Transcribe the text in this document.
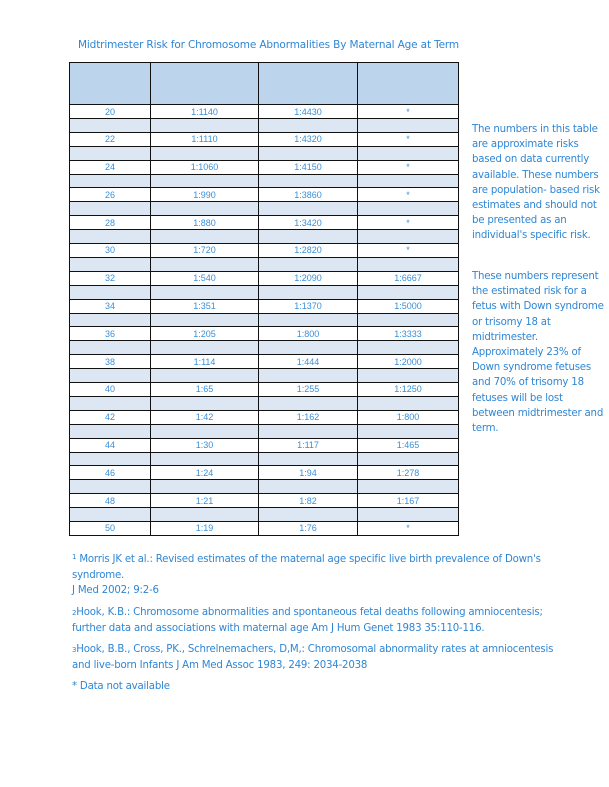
Midtrimester Risk for Chromosome Abnormalities By Maternal Age at Term

20	1:1140	1:4430	*

22	1:1110	1:4320	*

24	1:1060	1:4150	*

26	1:990	1:3860	*

28	1:880	1:3420	*

30	1:720	1:2820	*

32	1:540	1:2090	1:6667

34	1:351	1:1370	1:5000

36	1:205	1:800	1:3333

38	1:114	1:444	1:2000

40	1:65	1:255	1:1250

42	1:42	1:162	1:800

44	1:30	1:117	1:465

46	1:24	1:94	1:278

48	1:21	1:82	1:167

50	1:19	1:76	*
The numbers in this table are approximate risks based on data currently available. These numbers are population- based risk estimates and should not be presented as an individual's specific risk.
These numbers represent the estimated risk for a fetus with Down syndrome or trisomy 18 at midtrimester. Approximately 23% of Down syndrome fetuses and 70% of trisomy 18 fetuses will be lost between midtrimester and term.
$^1$ Morris JK et al.: Revised estimates of the maternal age specific live birth prevalence of Down's syndrome.
J Med 2002; 9:2-6
2Hook, K.B.: Chromosome abnormalities and spontaneous fetal deaths following amniocentesis; further data and associations with maternal age Am J Hum Genet 1983 35:110-116.
3Hook, B.B., Cross, PK., Schrelnemachers, D,M,: Chromosomal abnormality rates at amniocentesis and live-born Infants J Am Med Assoc 1983, 249: 2034-2038
* Data not available
